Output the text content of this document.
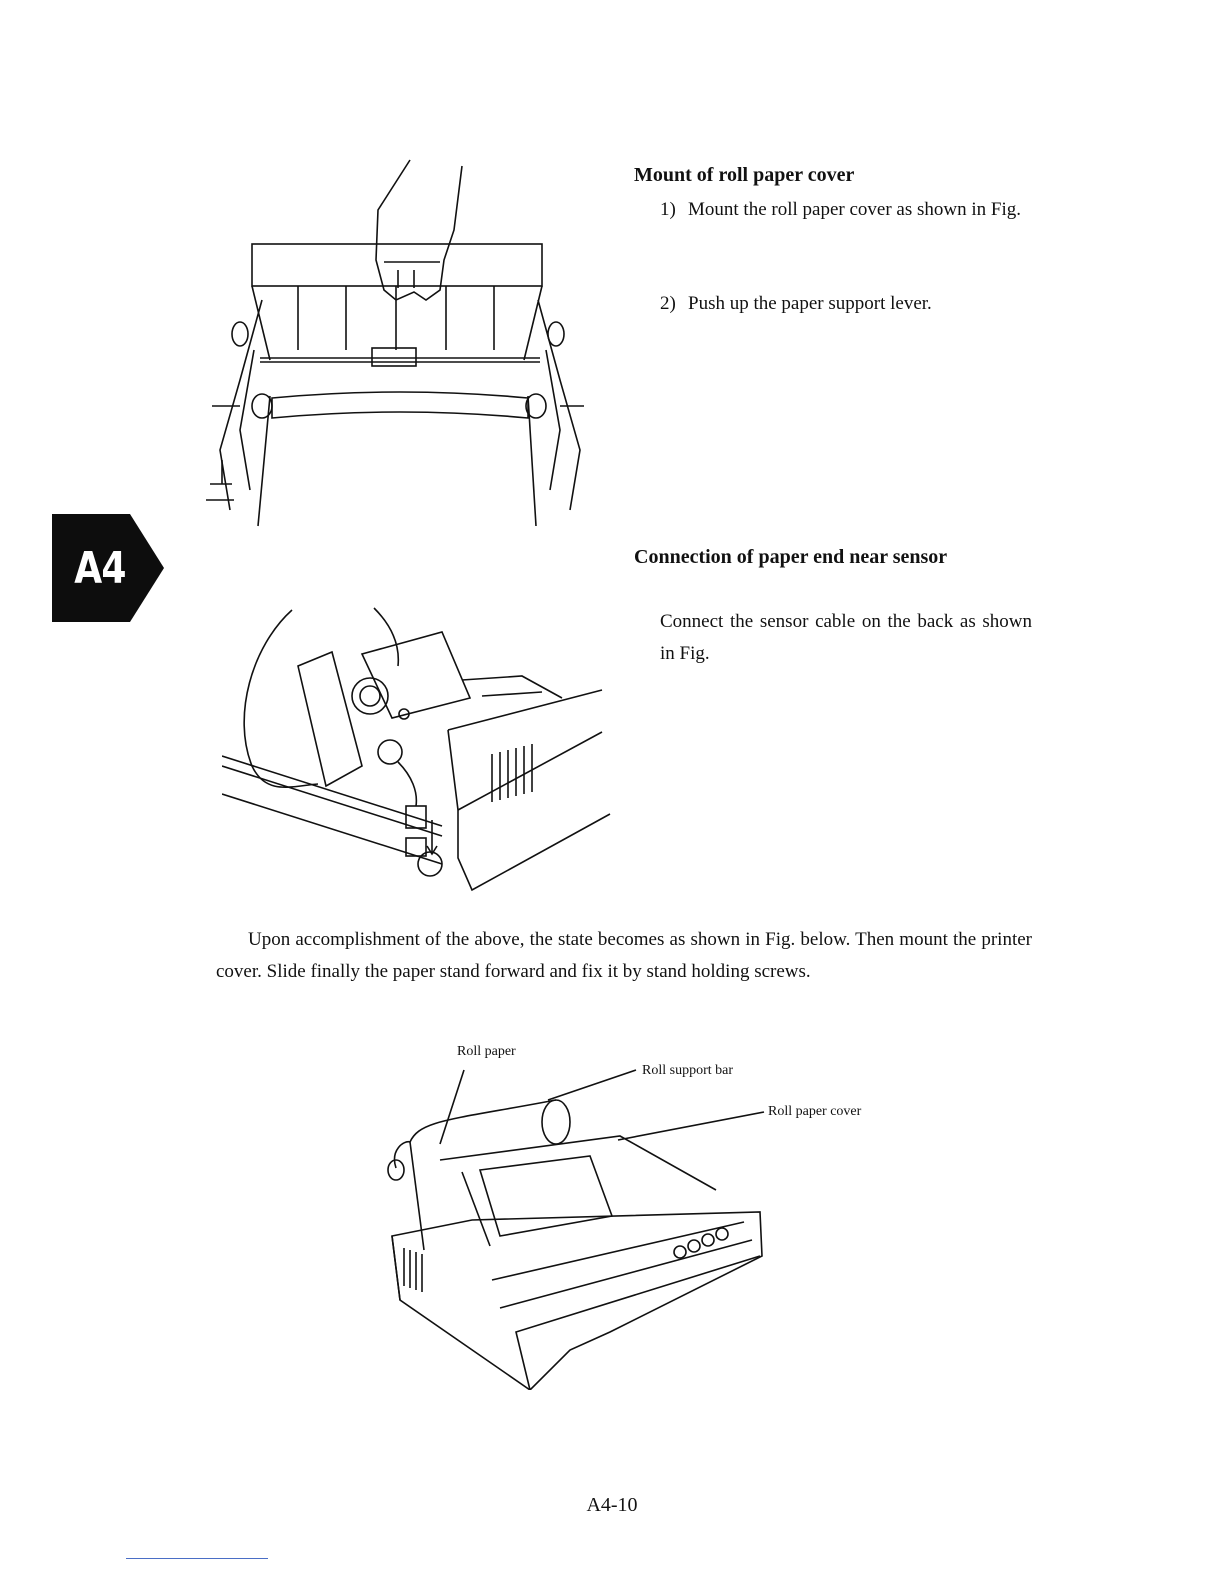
A4
Roll paper
Roll support bar
Roll paper cover
Mount of roll paper cover
1) Mount the roll paper cover as shown in Fig.
2) Push up the paper support lever.
Connection of paper end near sensor
Connect the sensor cable on the back as shown in Fig.
Upon accomplishment of the above, the state becomes as shown in Fig. below. Then mount the printer cover. Slide finally the paper stand forward and fix it by stand holding screws.
A4-10
